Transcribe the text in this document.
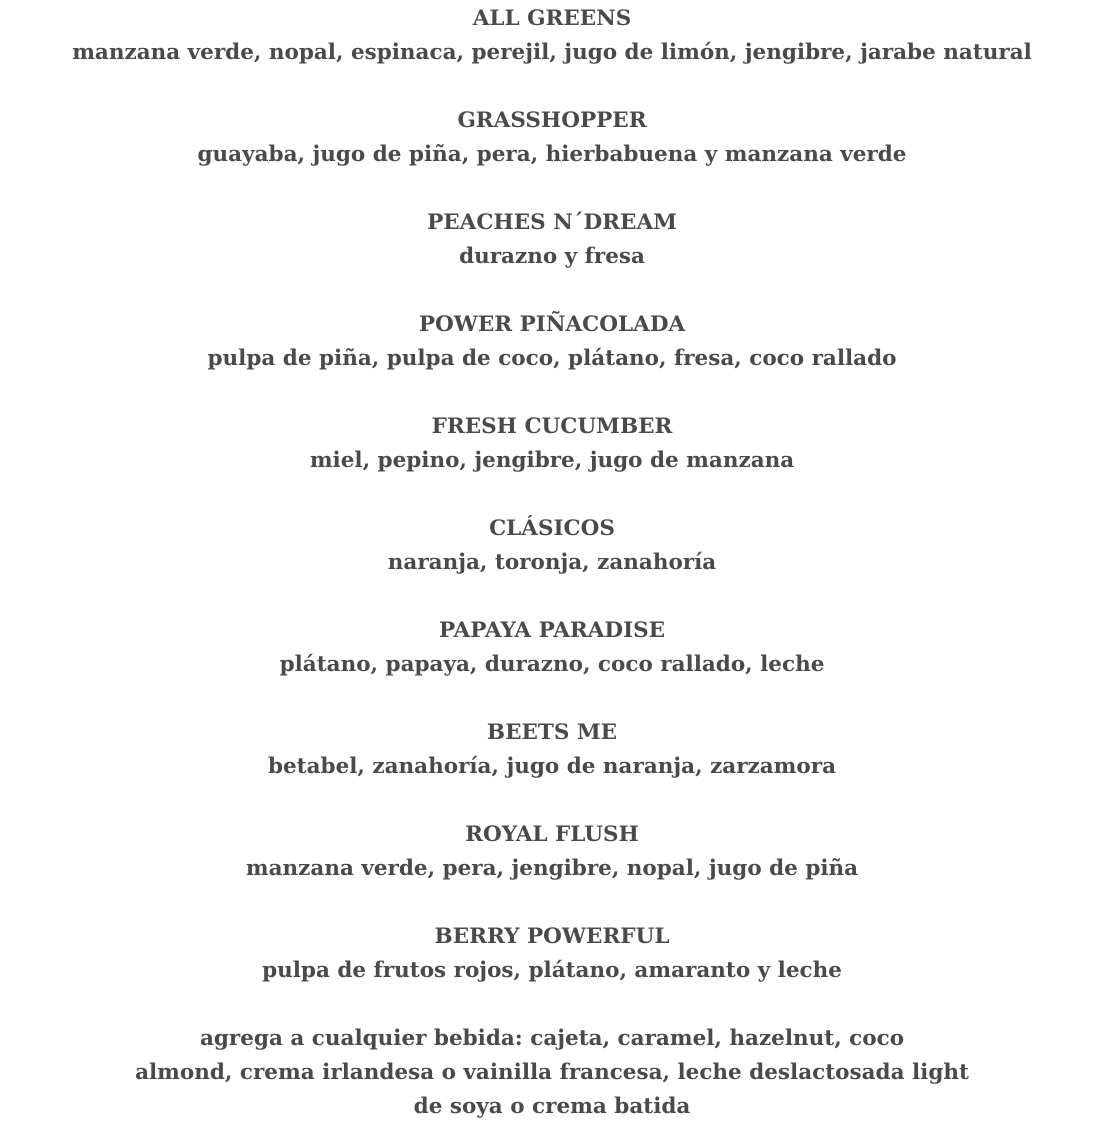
ALL GREENS
manzana verde, nopal, espinaca, perejil, jugo de limón, jengibre, jarabe natural
GRASSHOPPER
guayaba, jugo de piña, pera, hierbabuena y manzana verde
PEACHES N´DREAM
durazno y fresa
POWER PIÑACOLADA
pulpa de piña, pulpa de coco, plátano, fresa, coco rallado
FRESH CUCUMBER
miel, pepino, jengibre, jugo de manzana
CLÁSICOS
naranja, toronja, zanahoría
PAPAYA PARADISE
plátano, papaya, durazno, coco rallado, leche
BEETS ME
betabel, zanahoría, jugo de naranja, zarzamora
ROYAL FLUSH
manzana verde, pera, jengibre, nopal, jugo de piña
BERRY POWERFUL
pulpa de frutos rojos, plátano, amaranto y leche
agrega a cualquier bebida: cajeta, caramel, hazelnut, coco
almond, crema irlandesa o vainilla francesa, leche deslactosada light
de soya o crema batida
